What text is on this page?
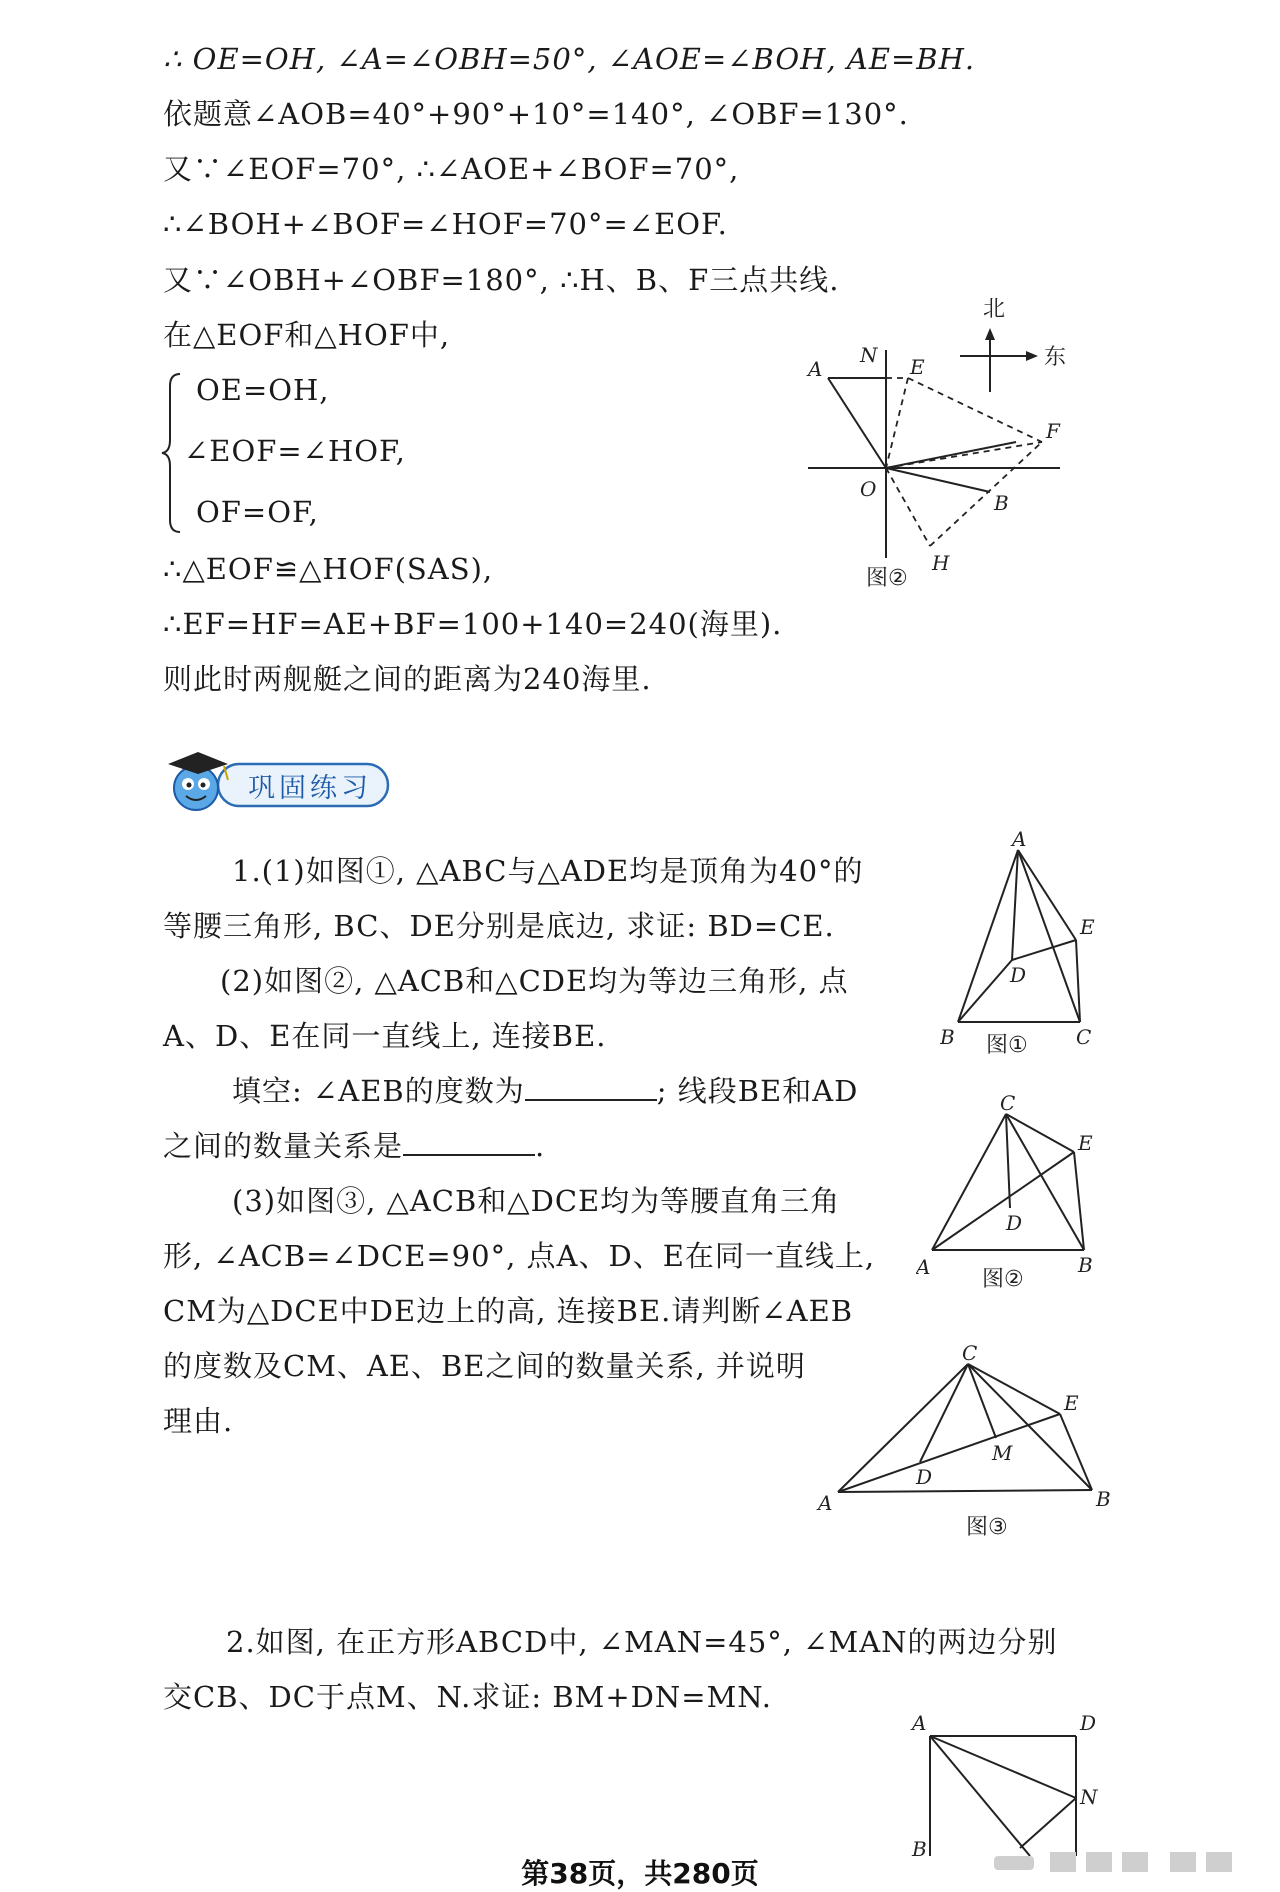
∴ OE=OH, ∠A=∠OBH=50°, ∠AOE=∠BOH, AE=BH.
依题意∠AOB=40°+90°+10°=140°, ∠OBF=130°.
又∵∠EOF=70°, ∴∠AOE+∠BOF=70°,
∴∠BOH+∠BOF=∠HOF=70°=∠EOF.
又∵∠OBH+∠OBF=180°, ∴H、B、F三点共线.
在△EOF和△HOF中,
OE=OH,
∠EOF=∠HOF,
OF=OF,
∴△EOF≌△HOF(SAS),
∴EF=HF=AE+BF=100+140=240(海里).
则此时两舰艇之间的距离为240海里.
北
东
A
N E
F
O
B
H
图②
巩固练习
1.(1)如图①, △ABC与△ADE均是顶角为40°的
等腰三角形, BC、DE分别是底边, 求证: BD=CE.
(2)如图②, △ACB和△CDE均为等边三角形, 点
A、D、E在同一直线上, 连接BE.
填空: ∠AEB的度数为	; 线段BE和AD
之间的数量关系是	.
(3)如图③, △ACB和△DCE均为等腰直角三角
形, ∠ACB=∠DCE=90°, 点A、D、E在同一直线上,
CM为△DCE中DE边上的高, 连接BE.请判断∠AEB
的度数及CM、AE、BE之间的数量关系, 并说明
理由.
A
E
D
B	C
图①
C
E
D
A	B
图②
C
E
M
D
A	B
图③
2.如图, 在正方形ABCD中, ∠MAN=45°, ∠MAN的两边分别
交CB、DC于点M、N.求证: BM+DN=MN.
A	D
N
B
第38页，共280页
